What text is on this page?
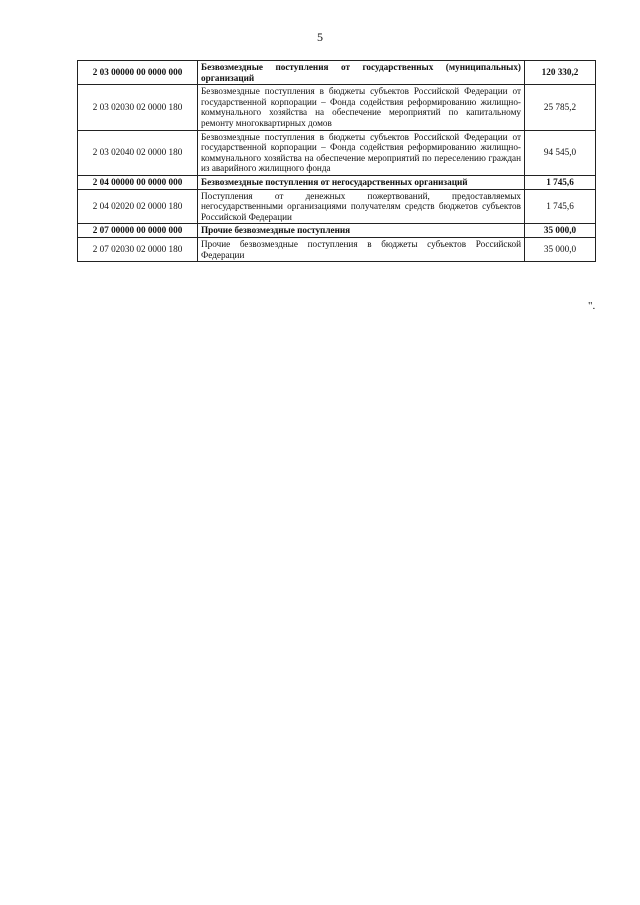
5
2 03 00000 00 0000 000	Безвозмездные поступления от государственных (муниципальных) организаций	120 330,2
2 03 02030 02 0000 180	Безвозмездные поступления в бюджеты субъектов Российской Федерации от государственной корпорации – Фонда содействия реформированию жилищно-коммунального хозяйства на обеспечение мероприятий по капитальному ремонту многоквартирных домов	25 785,2
2 03 02040 02 0000 180	Безвозмездные поступления в бюджеты субъектов Российской Федерации от государственной корпорации – Фонда содействия реформированию жилищно-коммунального хозяйства на обеспечение мероприятий по переселению граждан из аварийного жилищного фонда	94 545,0
2 04 00000 00 0000 000	Безвозмездные поступления от негосударственных организаций	1 745,6
2 04 02020 02 0000 180	Поступления от денежных пожертвований, предоставляемых негосударственными организациями получателям средств бюджетов субъектов Российской Федерации	1 745,6
2 07 00000 00 0000 000	Прочие безвозмездные поступления	35 000,0
2 07 02030 02 0000 180	Прочие безвозмездные поступления в бюджеты субъектов Российской Федерации	35 000,0
".
